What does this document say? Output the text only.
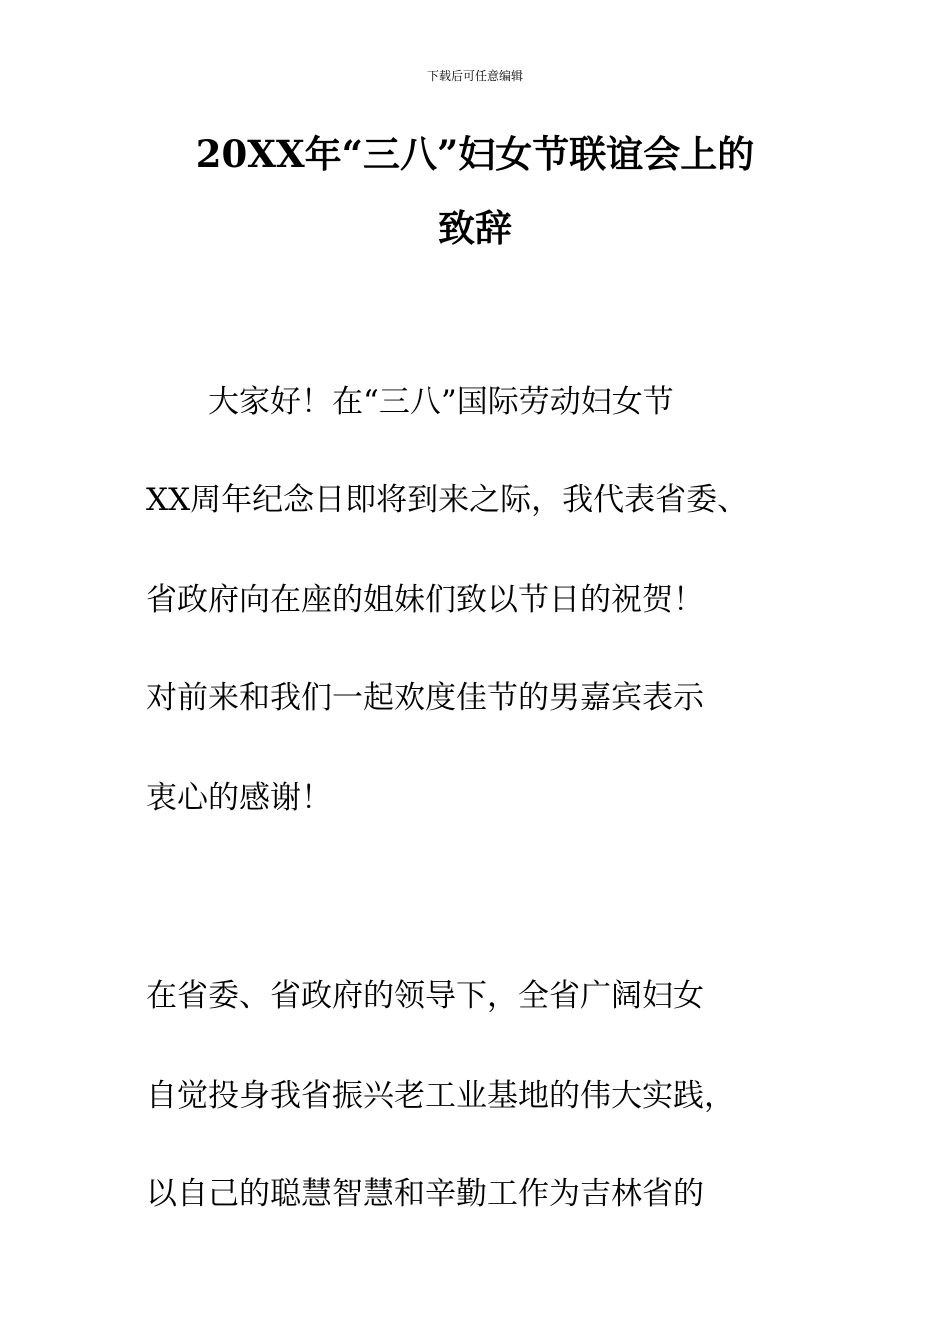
下载后可任意编辑
20XX年“三八”妇女节联谊会上的
致辞
　　大家好！在“三八”国际劳动妇女节
XX周年纪念日即将到来之际，我代表省委、
省政府向在座的姐妹们致以节日的祝贺！
对前来和我们一起欢度佳节的男嘉宾表示
衷心的感谢！
在省委、省政府的领导下，全省广阔妇女
自觉投身我省振兴老工业基地的伟大实践，
以自己的聪慧智慧和辛勤工作为吉林省的
